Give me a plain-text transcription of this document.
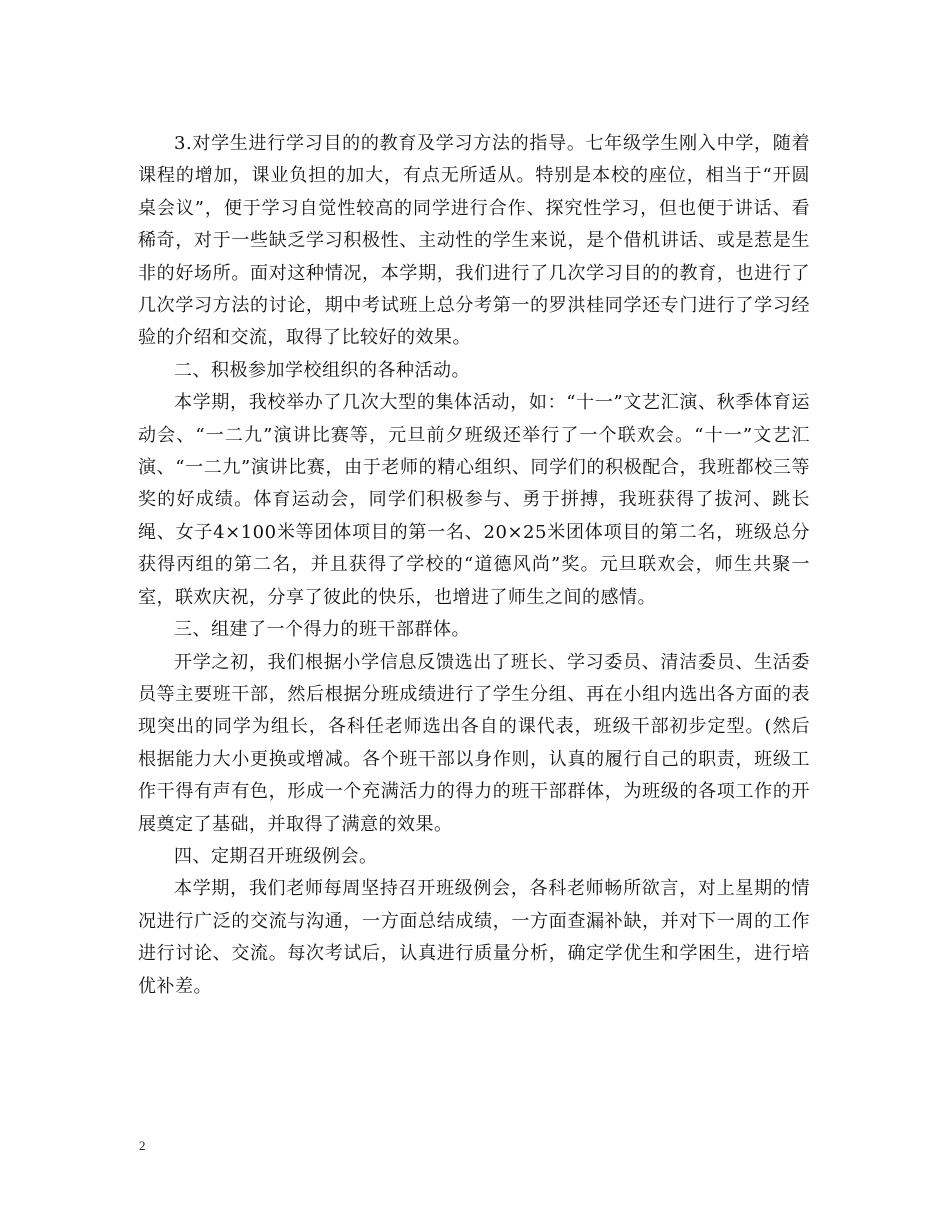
3.对学生进行学习目的的教育及学习方法的指导。七年级学生刚入中学，随着课程的增加，课业负担的加大，有点无所适从。特别是本校的座位，相当于“开圆桌会议”，便于学习自觉性较高的同学进行合作、探究性学习，但也便于讲话、看稀奇，对于一些缺乏学习积极性、主动性的学生来说，是个借机讲话、或是惹是生非的好场所。面对这种情况，本学期，我们进行了几次学习目的的教育，也进行了几次学习方法的讨论，期中考试班上总分考第一的罗洪桂同学还专门进行了学习经验的介绍和交流，取得了比较好的效果。

二、积极参加学校组织的各种活动。

本学期，我校举办了几次大型的集体活动，如：“十一”文艺汇演、秋季体育运动会、“一二九”演讲比赛等，元旦前夕班级还举行了一个联欢会。“十一”文艺汇演、“一二九”演讲比赛，由于老师的精心组织、同学们的积极配合，我班都校三等奖的好成绩。体育运动会，同学们积极参与、勇于拼搏，我班获得了拔河、跳长绳、女子4×100米等团体项目的第一名、20×25米团体项目的第二名，班级总分获得丙组的第二名，并且获得了学校的“道德风尚”奖。元旦联欢会，师生共聚一室，联欢庆祝，分享了彼此的快乐，也增进了师生之间的感情。

三、组建了一个得力的班干部群体。

开学之初，我们根据小学信息反馈选出了班长、学习委员、清洁委员、生活委员等主要班干部，然后根据分班成绩进行了学生分组、再在小组内选出各方面的表现突出的同学为组长，各科任老师选出各自的课代表，班级干部初步定型。(然后根据能力大小更换或增减。各个班干部以身作则，认真的履行自己的职责，班级工作干得有声有色，形成一个充满活力的得力的班干部群体，为班级的各项工作的开展奠定了基础，并取得了满意的效果。

四、定期召开班级例会。

本学期，我们老师每周坚持召开班级例会，各科老师畅所欲言，对上星期的情况进行广泛的交流与沟通，一方面总结成绩，一方面查漏补缺，并对下一周的工作进行讨论、交流。每次考试后，认真进行质量分析，确定学优生和学困生，进行培优补差。

2
